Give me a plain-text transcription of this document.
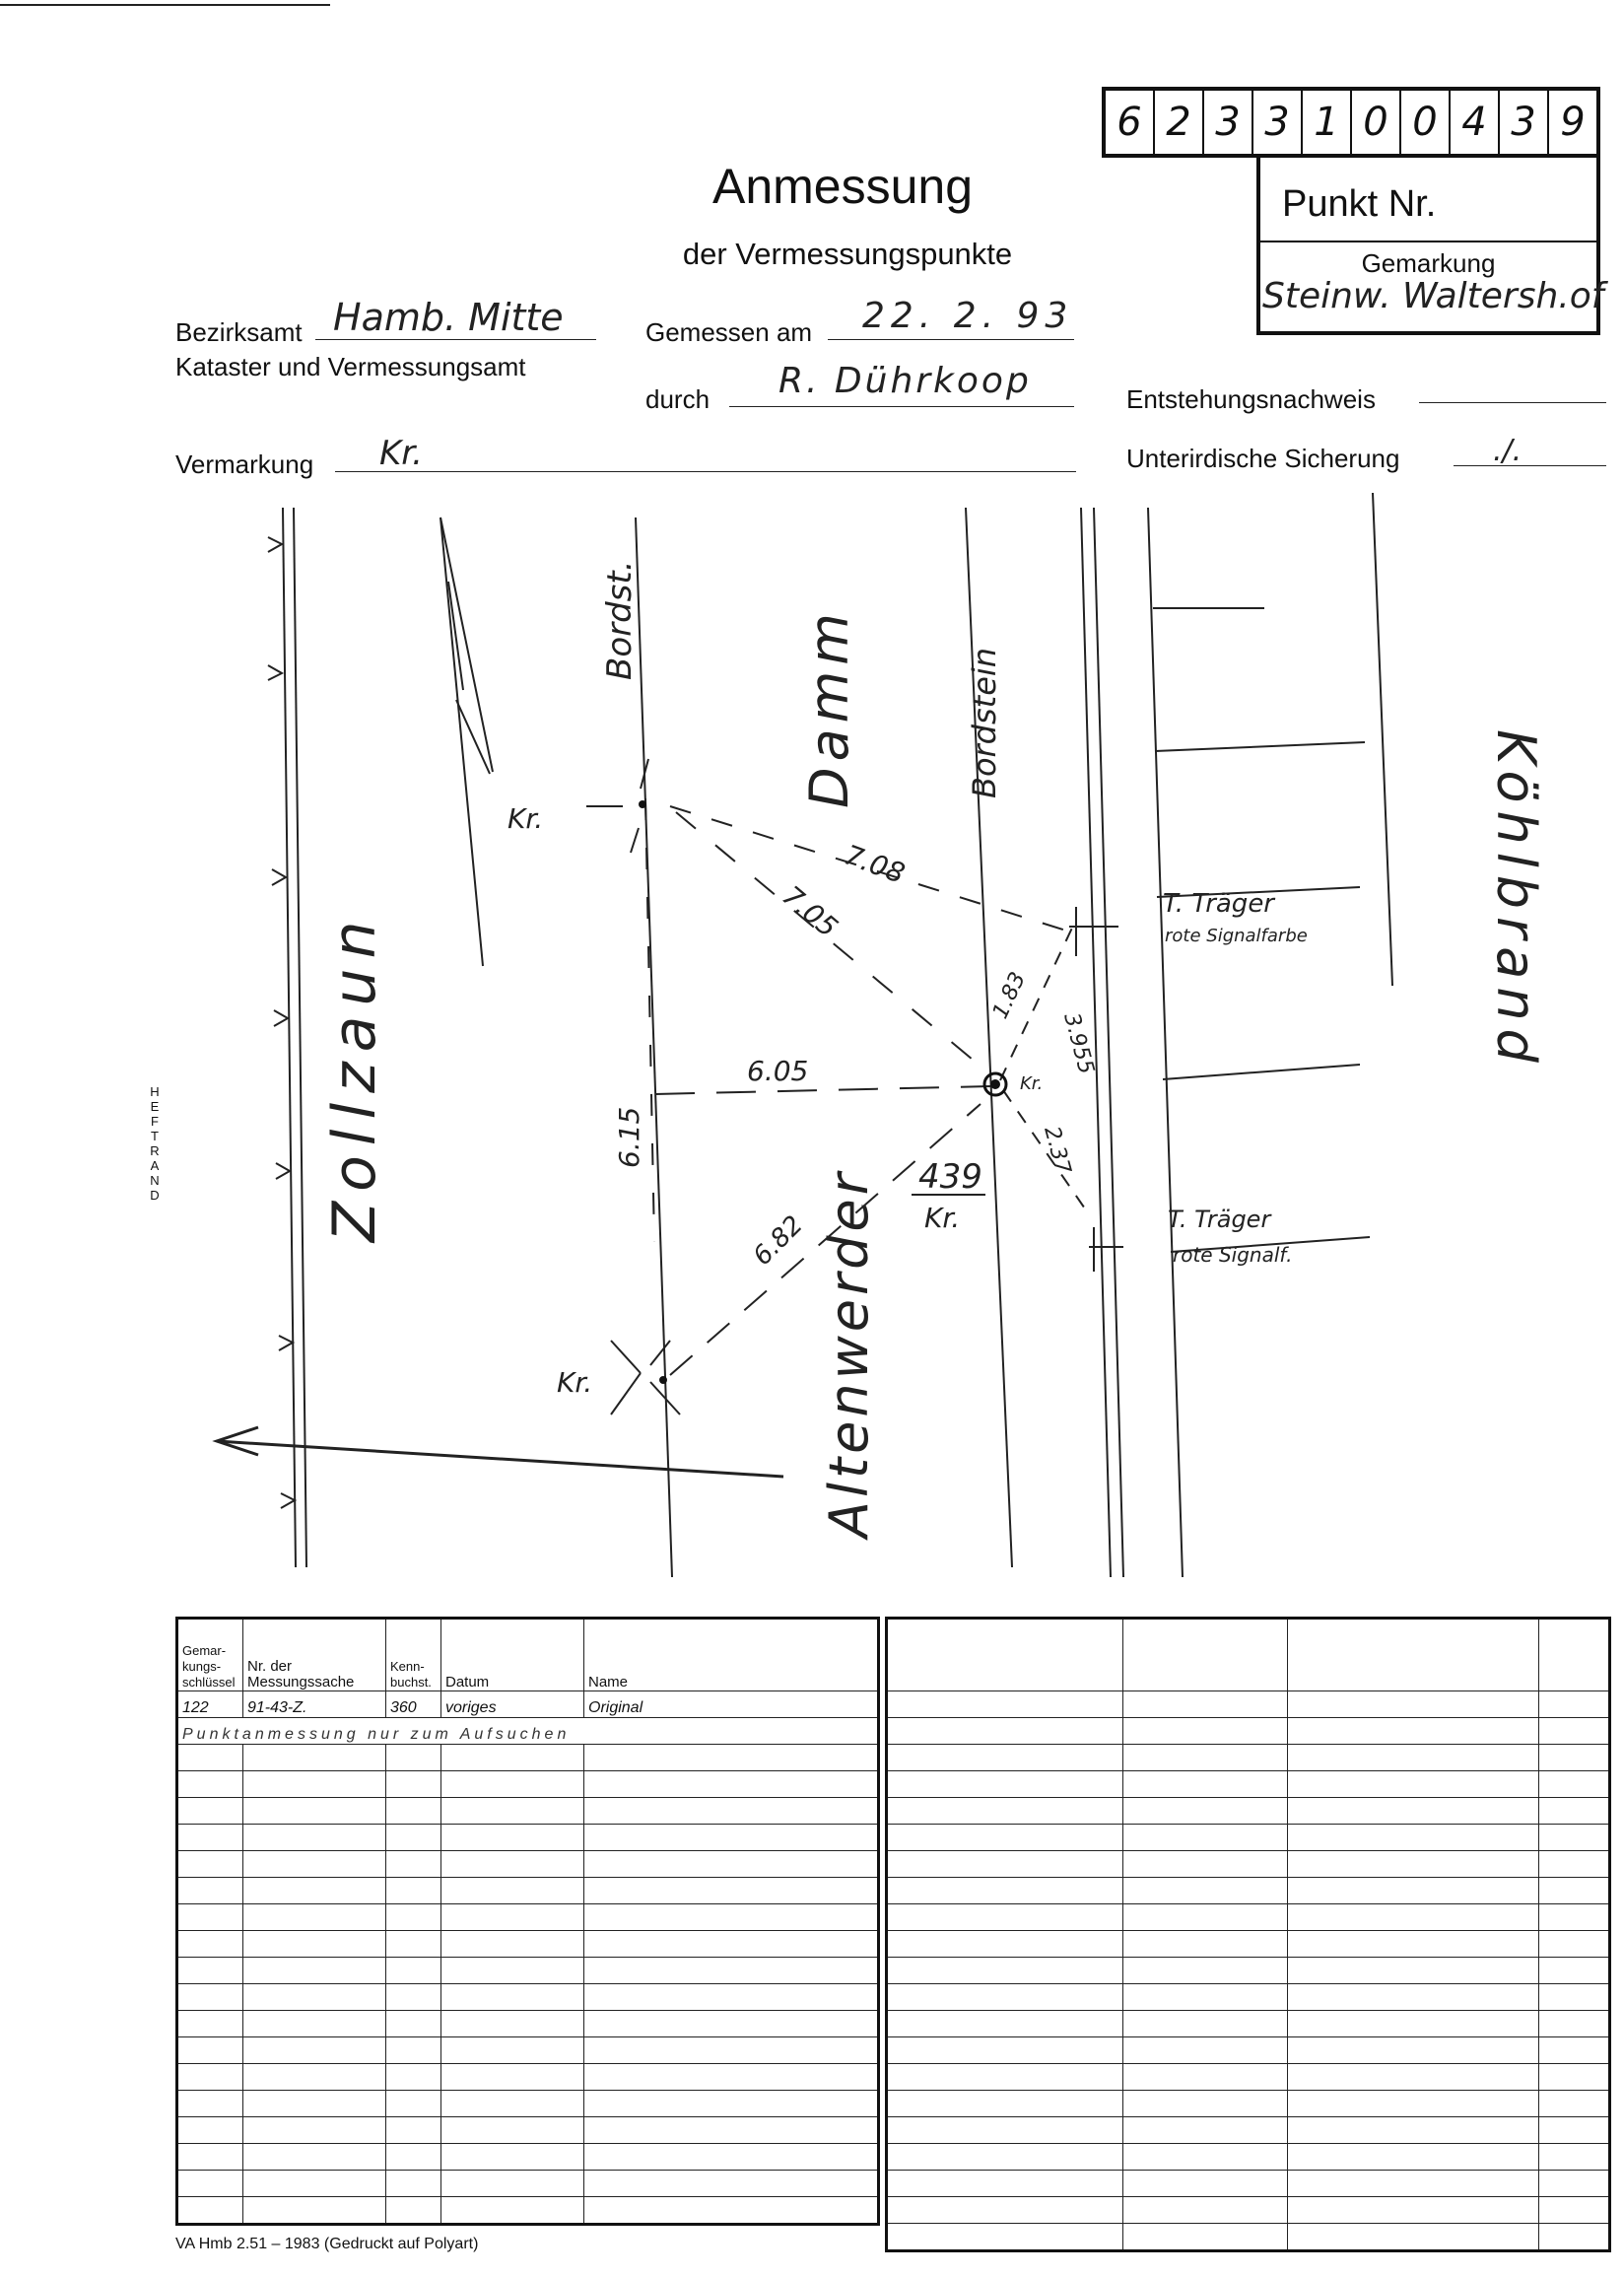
Anmessung
der Vermessungspunkte
6 2 3 3 1 0 0 4 3 9
Punkt Nr.
Gemarkung
Steinw. Waltersh.of
Bezirksamt Hamb. Mitte
Kataster und Vermessungsamt
Gemessen am 22. 2. 93
durch R. Dührkoop	Entstehungsnachweis
Vermarkung Kr.	Unterirdische Sicherung	./.
HEFTRAND	Zollzaun
Bordst.	Damm	Bordstein
Altenwerder
Köhlbrand
Kr.
Kr.
Kr.
439
Kr.
7.08
7.05
1.83
3.955
6.05
6.15
6.82
2.37
T. Träger
rote Signalfarbe
T. Träger
rote Signalf.
Gemar-kungs-schlüssel	Nr. der Messungssache	Kenn-buchst.	Datum	Name
122	91-43-Z.	360	voriges	Original
Punktanmessung nur zum Aufsuchen				

VA Hmb 2.51 – 1983 (Gedruckt auf Polyart)
